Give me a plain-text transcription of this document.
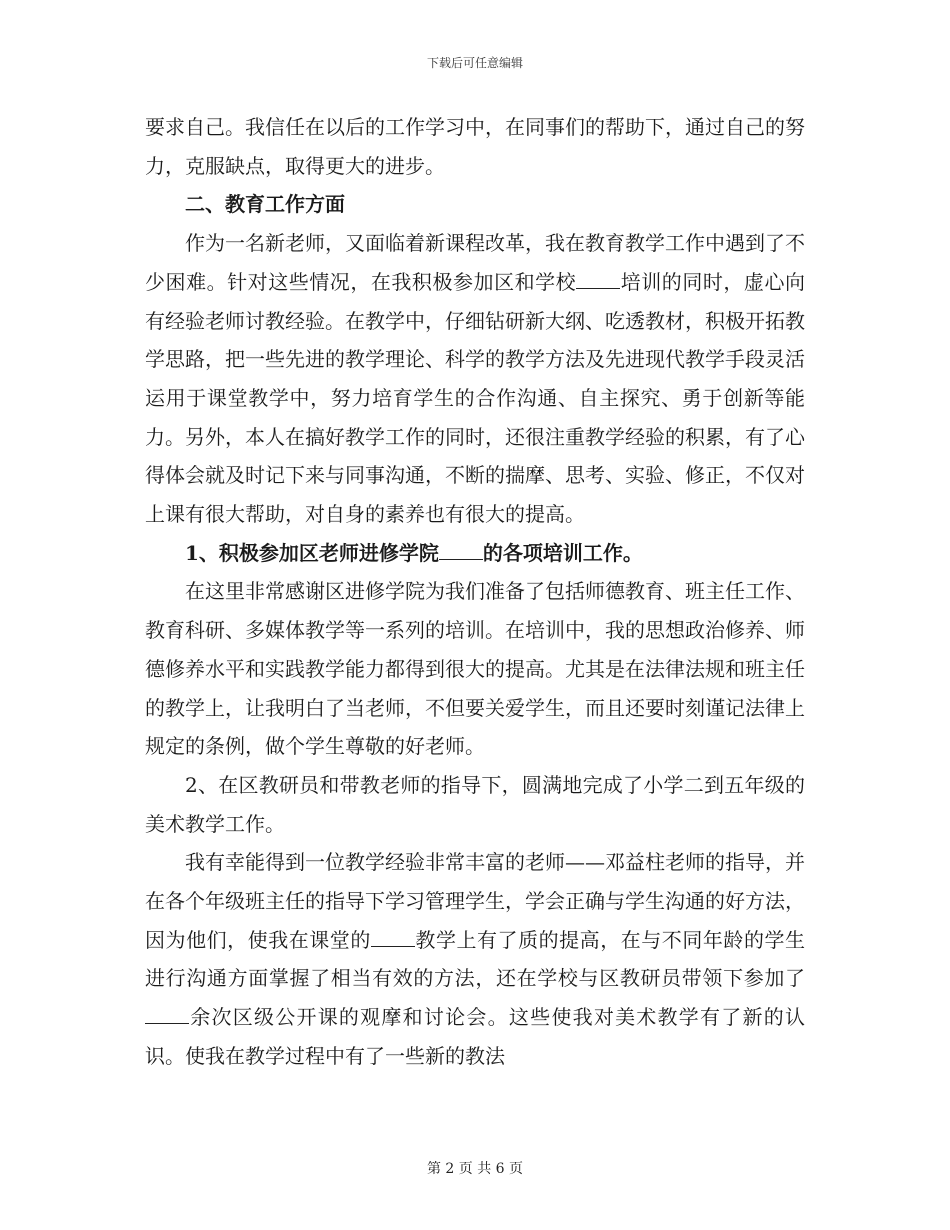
下载后可任意编辑

要求自己。我信任在以后的工作学习中，在同事们的帮助下，通过自己的努力，克服缺点，取得更大的进步。

二、教育工作方面

作为一名新老师，又面临着新课程改革，我在教育教学工作中遇到了不少困难。针对这些情况，在我积极参加区和学校 培训的同时，虚心向有经验老师讨教经验。在教学中，仔细钻研新大纲、吃透教材，积极开拓教学思路，把一些先进的教学理论、科学的教学方法及先进现代教学手段灵活运用于课堂教学中，努力培育学生的合作沟通、自主探究、勇于创新等能力。另外，本人在搞好教学工作的同时，还很注重教学经验的积累，有了心得体会就及时记下来与同事沟通，不断的揣摩、思考、实验、修正，不仅对上课有很大帮助，对自身的素养也有很大的提高。

1、积极参加区老师进修学院 的各项培训工作。

在这里非常感谢区进修学院为我们准备了包括师德教育、班主任工作、教育科研、多媒体教学等一系列的培训。在培训中，我的思想政治修养、师德修养水平和实践教学能力都得到很大的提高。尤其是在法律法规和班主任的教学上，让我明白了当老师，不但要关爱学生，而且还要时刻谨记法律上规定的条例，做个学生尊敬的好老师。

2、在区教研员和带教老师的指导下，圆满地完成了小学二到五年级的美术教学工作。

我有幸能得到一位教学经验非常丰富的老师——邓益柱老师的指导，并在各个年级班主任的指导下学习管理学生，学会正确与学生沟通的好方法，因为他们，使我在课堂的 教学上有了质的提高，在与不同年龄的学生进行沟通方面掌握了相当有效的方法，还在学校与区教研员带领下参加了余次区级公开课的观摩和讨论会。这些使我对美术教学有了新的认识。使我在教学过程中有了一些新的教法

第 2 页 共 6 页
